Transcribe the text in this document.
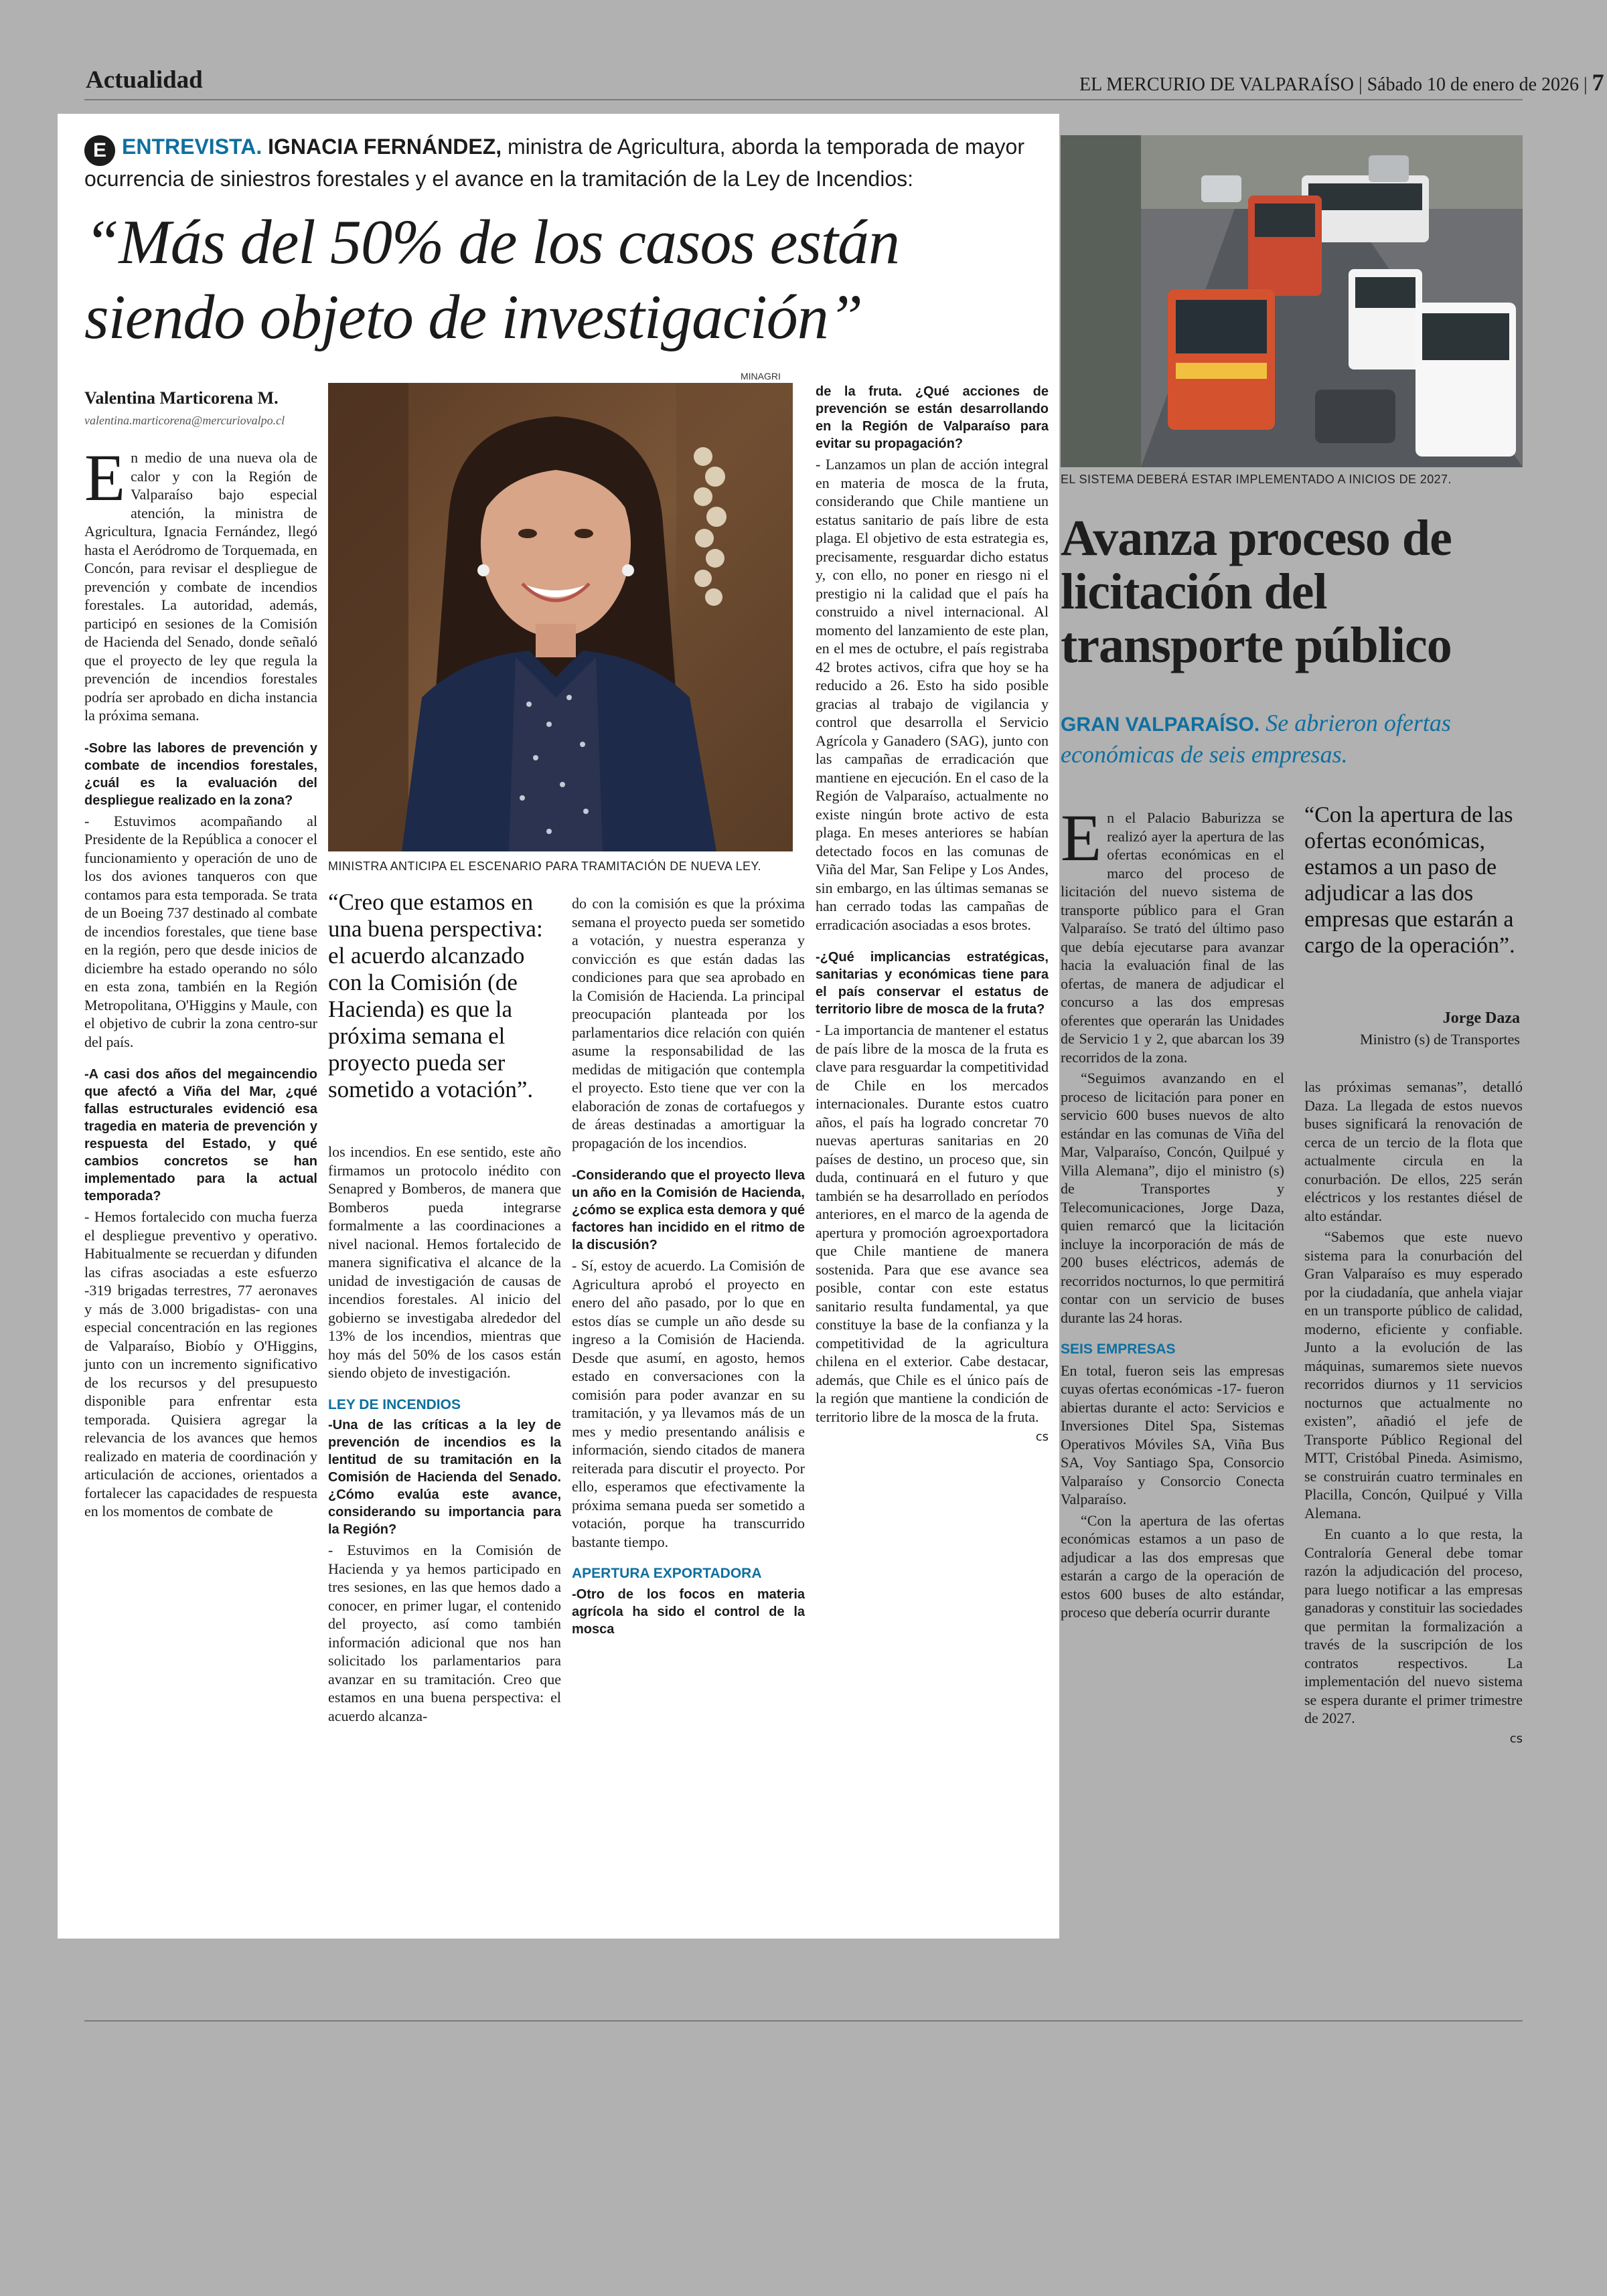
Actualidad	EL MERCURIO DE VALPARAÍSO | Sábado 10 de enero de 2026 | 7
E ENTREVISTA. IGNACIA FERNÁNDEZ, ministra de Agricultura, aborda la temporada de mayor ocurrencia de siniestros forestales y el avance en la tramitación de la Ley de Incendios:
“Más del 50% de los casos están siendo objeto de investigación”
Valentina Marticorena M.
valentina.marticorena@mercuriovalpo.cl

En medio de una nueva ola de calor y con la Región de Valparaíso bajo especial atención, la ministra de Agricultura, Ignacia Fernández, llegó hasta el Aeródromo de Torquemada, en Concón, para revisar el despliegue de prevención y combate de incendios forestales. La autoridad, además, participó en sesiones de la Comisión de Hacienda del Senado, donde señaló que el proyecto de ley que regula la prevención de incendios forestales podría ser aprobado en dicha instancia la próxima semana.

-Sobre las labores de prevención y combate de incendios forestales, ¿cuál es la evaluación del despliegue realizado en la zona?

- Estuvimos acompañando al Presidente de la República a conocer el funcionamiento y operación de uno de los dos aviones tanqueros con que contamos para esta temporada. Se trata de un Boeing 737 destinado al combate de incendios forestales, que tiene base en la región, pero que desde inicios de diciembre ha estado operando no sólo en esta zona, también en la Región Metropolitana, O'Higgins y Maule, con el objetivo de cubrir la zona centro-sur del país.

-A casi dos años del megaincendio que afectó a Viña del Mar, ¿qué fallas estructurales evidenció esa tragedia en materia de prevención y respuesta del Estado, y qué cambios concretos se han implementado para la actual temporada?

- Hemos fortalecido con mucha fuerza el despliegue preventivo y operativo. Habitualmente se recuerdan y difunden las cifras asociadas a este esfuerzo -319 brigadas terrestres, 77 aeronaves y más de 3.000 brigadistas- con una especial concentración en las regiones de Valparaíso, Biobío y O'Higgins, junto con un incremento significativo de los recursos y del presupuesto disponible para enfrentar esta temporada. Quisiera agregar la relevancia de los avances que hemos realizado en materia de coordinación y articulación de acciones, orientados a fortalecer las capacidades de respuesta en los momentos de combate de

MINAGRI
MINISTRA ANTICIPA EL ESCENARIO PARA TRAMITACIÓN DE NUEVA LEY.
“Creo que estamos en una buena perspectiva: el acuerdo alcanzado con la Comisión (de Hacienda) es que la próxima semana el proyecto pueda ser sometido a votación”.

los incendios. En ese sentido, este año firmamos un protocolo inédito con Senapred y Bomberos, de manera que Bomberos pueda integrarse formalmente a las coordinaciones a nivel nacional. Hemos fortalecido de manera significativa el alcance de la unidad de investigación de causas de incendios forestales. Al inicio del gobierno se investigaba alrededor del 13% de los incendios, mientras que hoy más del 50% de los casos están siendo objeto de investigación.

LEY DE INCENDIOS

-Una de las críticas a la ley de prevención de incendios es la lentitud de su tramitación en la Comisión de Hacienda del Senado. ¿Cómo evalúa este avance, considerando su importancia para la Región?

- Estuvimos en la Comisión de Hacienda y ya hemos participado en tres sesiones, en las que hemos dado a conocer, en primer lugar, el contenido del proyecto, así como también información adicional que nos han solicitado los parlamentarios para avanzar en su tramitación. Creo que estamos en una buena perspectiva: el acuerdo alcanza-

do con la comisión es que la próxima semana el proyecto pueda ser sometido a votación, y nuestra esperanza y convicción es que están dadas las condiciones para que sea aprobado en la Comisión de Hacienda. La principal preocupación planteada por los parlamentarios dice relación con quién asume la responsabilidad de las medidas de mitigación que contempla el proyecto. Esto tiene que ver con la elaboración de zonas de cortafuegos y de áreas destinadas a amortiguar la propagación de los incendios.

-Considerando que el proyecto lleva un año en la Comisión de Hacienda, ¿cómo se explica esta demora y qué factores han incidido en el ritmo de la discusión?

- Sí, estoy de acuerdo. La Comisión de Agricultura aprobó el proyecto en enero del año pasado, por lo que en estos días se cumple un año desde su ingreso a la Comisión de Hacienda. Desde que asumí, en agosto, hemos estado en conversaciones con la comisión para poder avanzar en su tramitación, y ya llevamos más de un mes y medio presentando análisis e información, siendo citados de manera reiterada para discutir el proyecto. Por ello, esperamos que efectivamente la próxima semana pueda ser sometido a votación, porque ha transcurrido bastante tiempo.

APERTURA EXPORTADORA

-Otro de los focos en materia agrícola ha sido el control de la mosca

de la fruta. ¿Qué acciones de prevención se están desarrollando en la Región de Valparaíso para evitar su propagación?

- Lanzamos un plan de acción integral en materia de mosca de la fruta, considerando que Chile mantiene un estatus sanitario de país libre de esta plaga. El objetivo de esta estrategia es, precisamente, resguardar dicho estatus y, con ello, no poner en riesgo ni el prestigio ni la calidad que el país ha construido a nivel internacional. Al momento del lanzamiento de este plan, en el mes de octubre, el país registraba 42 brotes activos, cifra que hoy se ha reducido a 26. Esto ha sido posible gracias al trabajo de vigilancia y control que desarrolla el Servicio Agrícola y Ganadero (SAG), junto con las campañas de erradicación que mantiene en ejecución. En el caso de la Región de Valparaíso, actualmente no existe ningún brote activo de esta plaga. En meses anteriores se habían detectado focos en las comunas de Viña del Mar, San Felipe y Los Andes, sin embargo, en las últimas semanas se han cerrado todas las campañas de erradicación asociadas a esos brotes.

-¿Qué implicancias estratégicas, sanitarias y económicas tiene para el país conservar el estatus de territorio libre de mosca de la fruta?

- La importancia de mantener el estatus de país libre de la mosca de la fruta es clave para resguardar la competitividad de Chile en los mercados internacionales. Durante estos cuatro años, el país ha logrado concretar 70 nuevas aperturas sanitarias en 20 países de destino, un proceso que, sin duda, continuará en el futuro y que también se ha desarrollado en períodos anteriores, en el marco de la agenda de apertura y promoción agroexportadora que Chile mantiene de manera sostenida. Para que ese avance sea posible, contar con este estatus sanitario resulta fundamental, ya que constituye la base de la confianza y la competitividad de la agricultura chilena en el exterior. Cabe destacar, además, que Chile es el único país de la región que mantiene la condición de territorio libre de la mosca de la fruta.

cs
EL SISTEMA DEBERÁ ESTAR IMPLEMENTADO A INICIOS DE 2027.
Avanza proceso de licitación del transporte público
GRAN VALPARAÍSO. Se abrieron ofertas económicas de seis empresas.

En el Palacio Baburizza se realizó ayer la apertura de las ofertas económicas en el marco del proceso de licitación del nuevo sistema de transporte público para el Gran Valparaíso. Se trató del último paso que debía ejecutarse para avanzar hacia la evaluación final de las ofertas, de manera de adjudicar el concurso a las dos empresas oferentes que operarán las Unidades de Servicio 1 y 2, que abarcan los 39 recorridos de la zona.

“Seguimos avanzando en el proceso de licitación para poner en servicio 600 buses nuevos de alto estándar en las comunas de Viña del Mar, Valparaíso, Concón, Quilpué y Villa Alemana”, dijo el ministro (s) de Transportes y Telecomunicaciones, Jorge Daza, quien remarcó que la licitación incluye la incorporación de más de 200 buses eléctricos, además de recorridos nocturnos, lo que permitirá contar con un servicio de buses durante las 24 horas.

SEIS EMPRESAS

En total, fueron seis las empresas cuyas ofertas económicas -17- fueron abiertas durante el acto: Servicios e Inversiones Ditel Spa, Sistemas Operativos Móviles SA, Viña Bus SA, Voy Santiago Spa, Consorcio Valparaíso y Consorcio Conecta Valparaíso.

“Con la apertura de las ofertas económicas estamos a un paso de adjudicar a las dos empresas que estarán a cargo de la operación de estos 600 buses de alto estándar, proceso que debería ocurrir durante

“Con la apertura de las ofertas económicas, estamos a un paso de adjudicar a las dos empresas que estarán a cargo de la operación”.
Jorge Daza
Ministro (s) de Transportes

las próximas semanas”, detalló Daza. La llegada de estos nuevos buses significará la renovación de cerca de un tercio de la flota que actualmente circula en la conurbación. De ellos, 225 serán eléctricos y los restantes diésel de alto estándar.

“Sabemos que este nuevo sistema para la conurbación del Gran Valparaíso es muy esperado por la ciudadanía, que anhela viajar en un transporte público de calidad, moderno, eficiente y confiable. Junto a la evolución de las máquinas, sumaremos siete nuevos recorridos diurnos y 11 servicios nocturnos que actualmente no existen”, añadió el jefe de Transporte Público Regional del MTT, Cristóbal Pineda. Asimismo, se construirán cuatro terminales en Placilla, Concón, Quilpué y Villa Alemana.

En cuanto a lo que resta, la Contraloría General debe tomar razón la adjudicación del proceso, para luego notificar a las empresas ganadoras y constituir las sociedades que permitan la formalización a través de la suscripción de los contratos respectivos. La implementación del nuevo sistema se espera durante el primer trimestre de 2027.

cs
